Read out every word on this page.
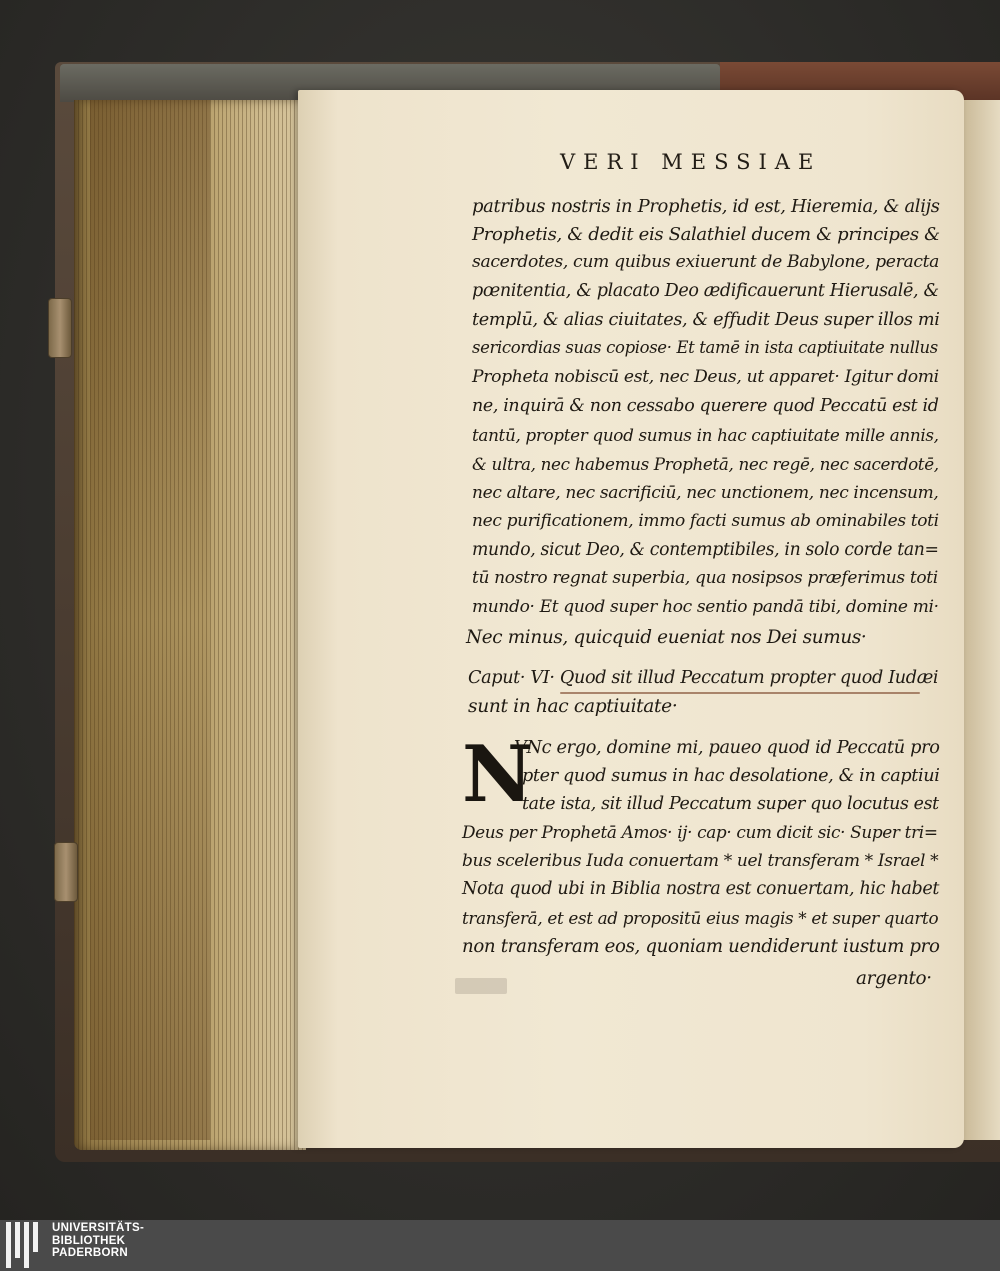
VERI MESSIAE
patribus nostris in Prophetis, id est, Hieremia, & alijs
Prophetis, & dedit eis Salathiel ducem & principes &
sacerdotes, cum quibus exiuerunt de Babylone, peracta
pœnitentia, & placato Deo ædificauerunt Hierusalē, &
templū, & alias ciuitates, & effudit Deus super illos mi
sericordias suas copiose· Et tamē in ista captiuitate nullus
Propheta nobiscū est, nec Deus, ut apparet· Igitur domi
ne, inquirā & non cessabo querere quod Peccatū est id
tantū, propter quod sumus in hac captiuitate mille annis,
& ultra, nec habemus Prophetā, nec regē, nec sacerdotē,
nec altare, nec sacrificiū, nec unctionem, nec incensum,
nec purificationem, immo facti sumus ab ominabiles toti
mundo, sicut Deo, & contemptibiles, in solo corde tan=
tū nostro regnat superbia, qua nosipsos præferimus toti
mundo· Et quod super hoc sentio pandā tibi, domine mi·
Nec minus, quicquid eueniat nos Dei sumus·
Caput· VI· Quod sit illud Peccatum propter quod Iudæi
sunt in hac captiuitate·
VNc ergo, domine mi, paueo quod id Peccatū pro
pter quod sumus in hac desolatione, & in captiui
tate ista, sit illud Peccatum super quo locutus est
Deus per Prophetā Amos· ij· cap· cum dicit sic· Super tri=
bus sceleribus Iuda conuertam * uel transferam * Israel *
Nota quod ubi in Biblia nostra est conuertam, hic habet
transferā, et est ad propositū eius magis * et super quarto
non transferam eos, quoniam uendiderunt iustum pro
argento·
N
UNIVERSITÄTS-
BIBLIOTHEK
PADERBORN
